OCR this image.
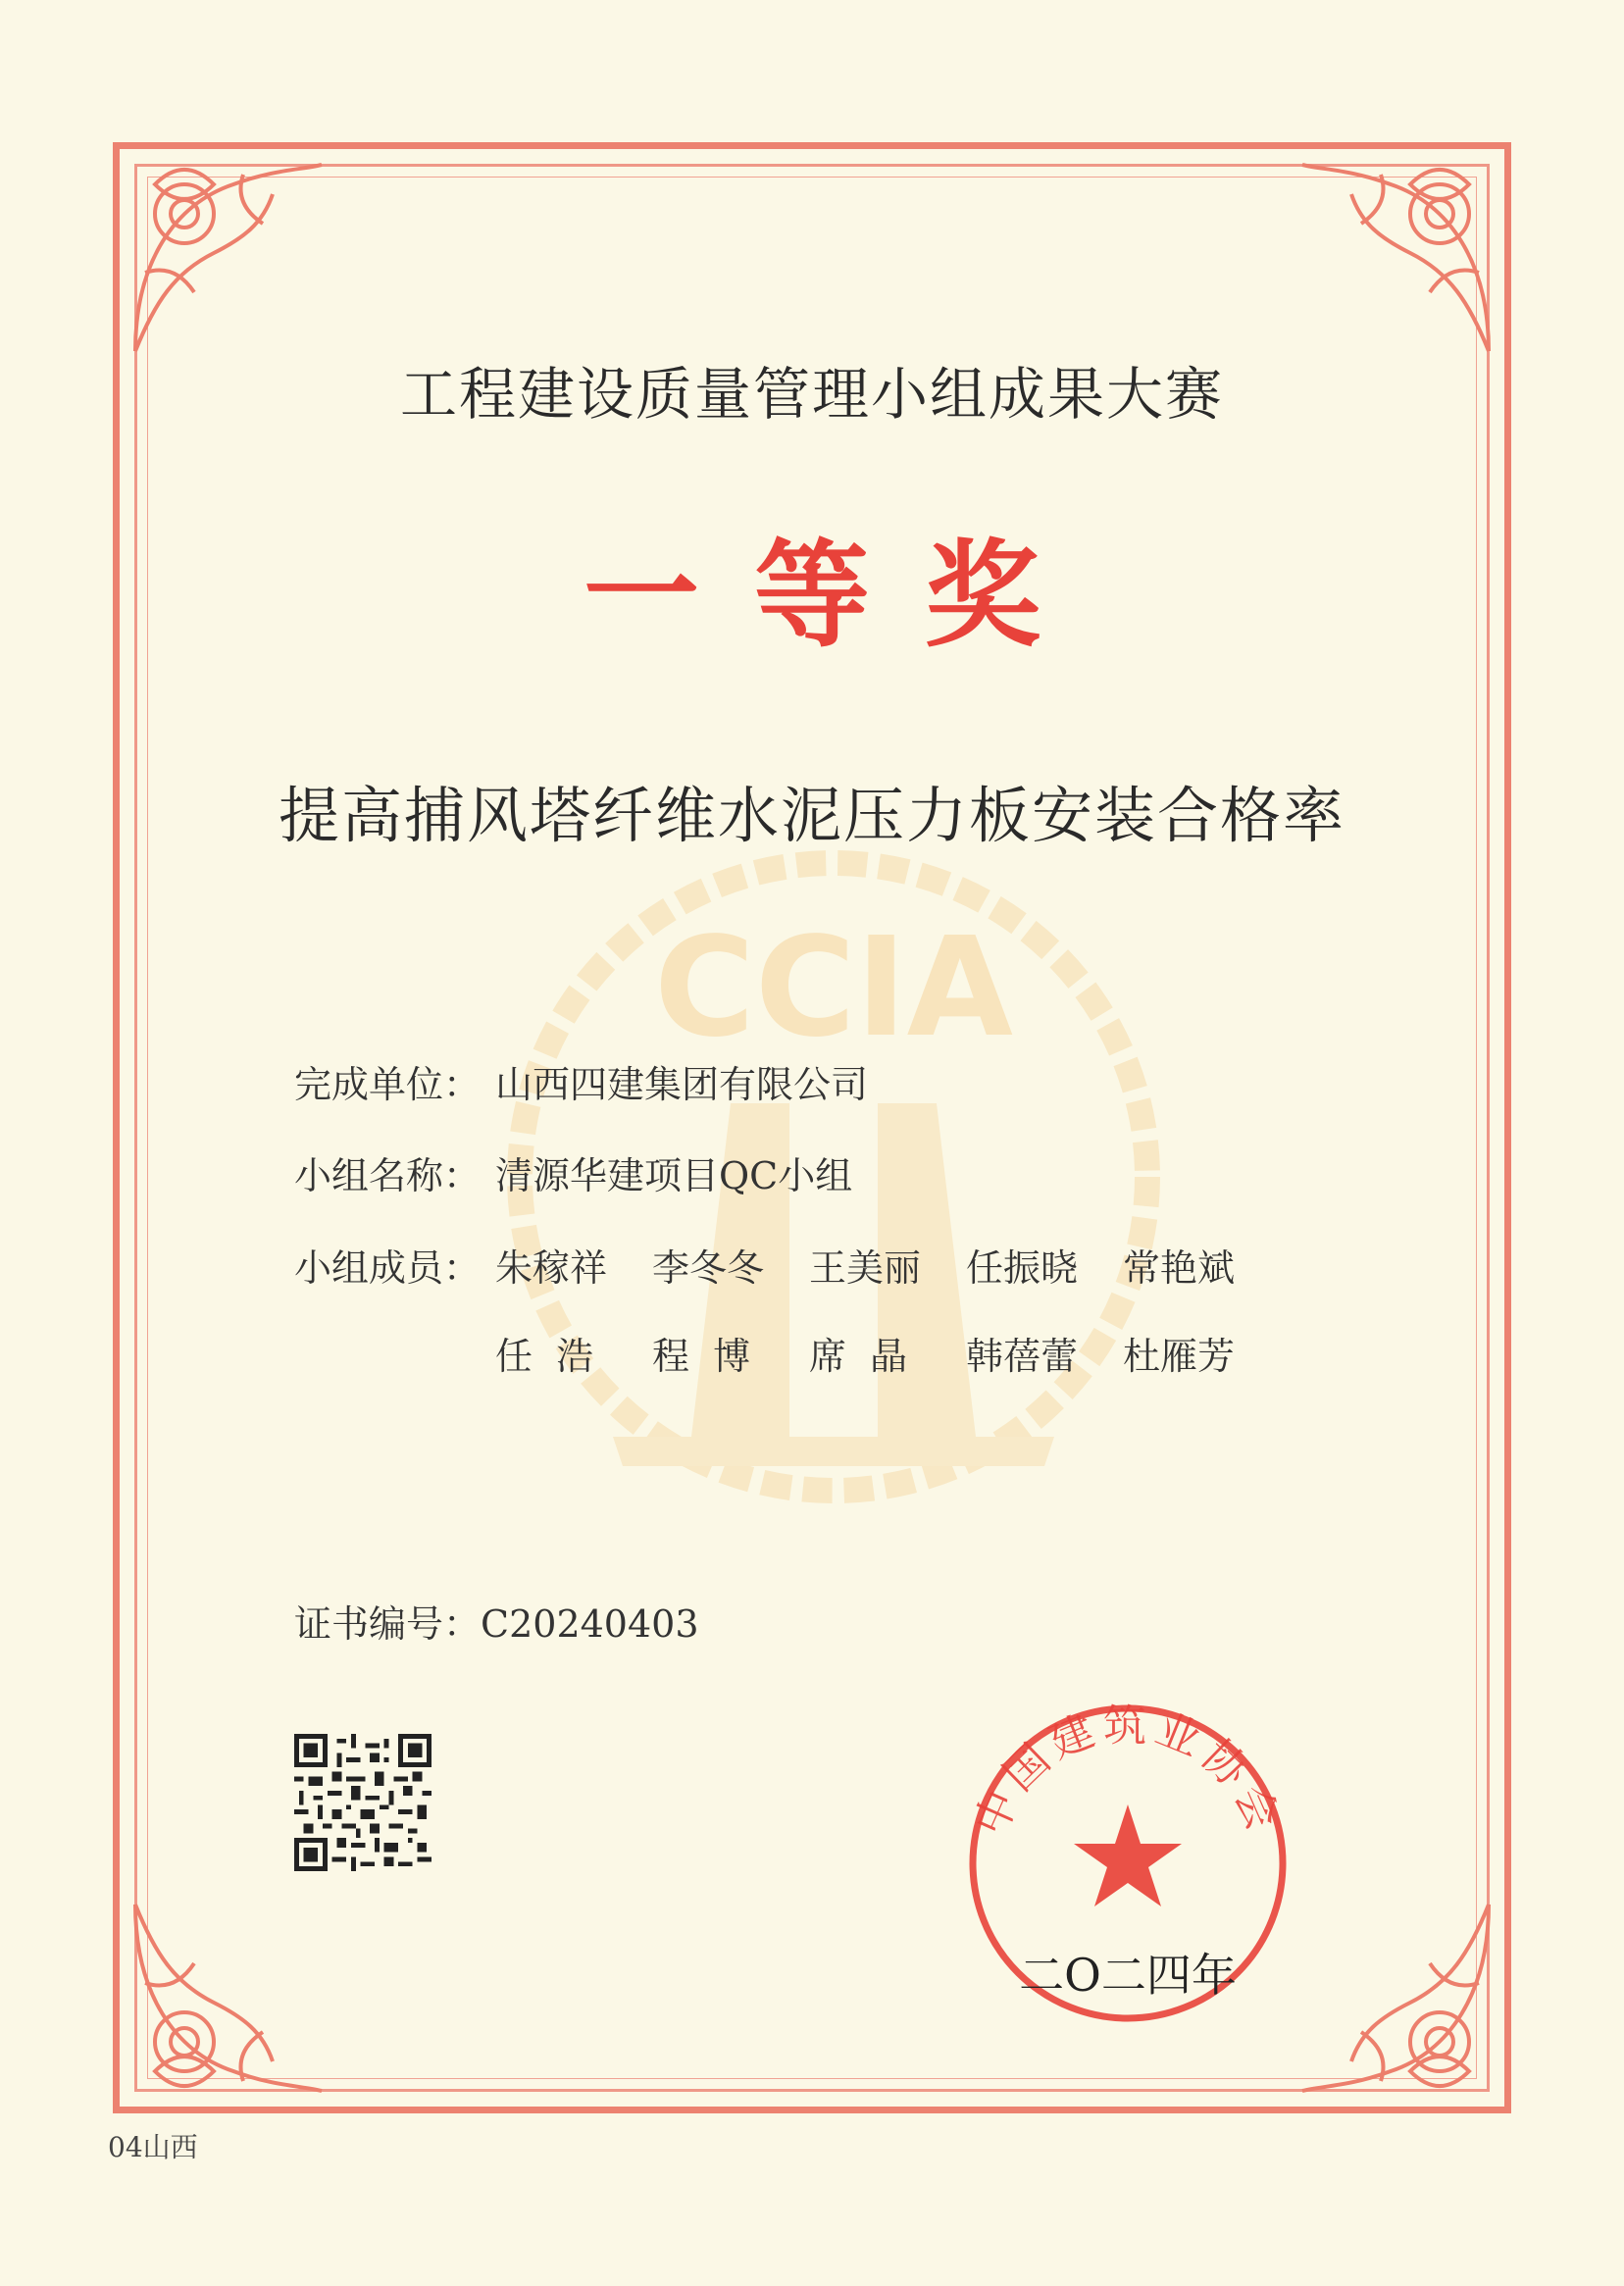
CCIA
工程建设质量管理小组成果大赛
一等奖
提高捕风塔纤维水泥压力板安装合格率
完成单位： 山西四建集团有限公司
小组名称： 清源华建项目QC小组
小组成员： 朱稼祥 李冬冬 王美丽 任振晓 常艳斌
任  浩 程  博 席  晶 韩蓓蕾 杜雁芳
证书编号：C20240403
中国建筑业协会
二O二四年
04山西
